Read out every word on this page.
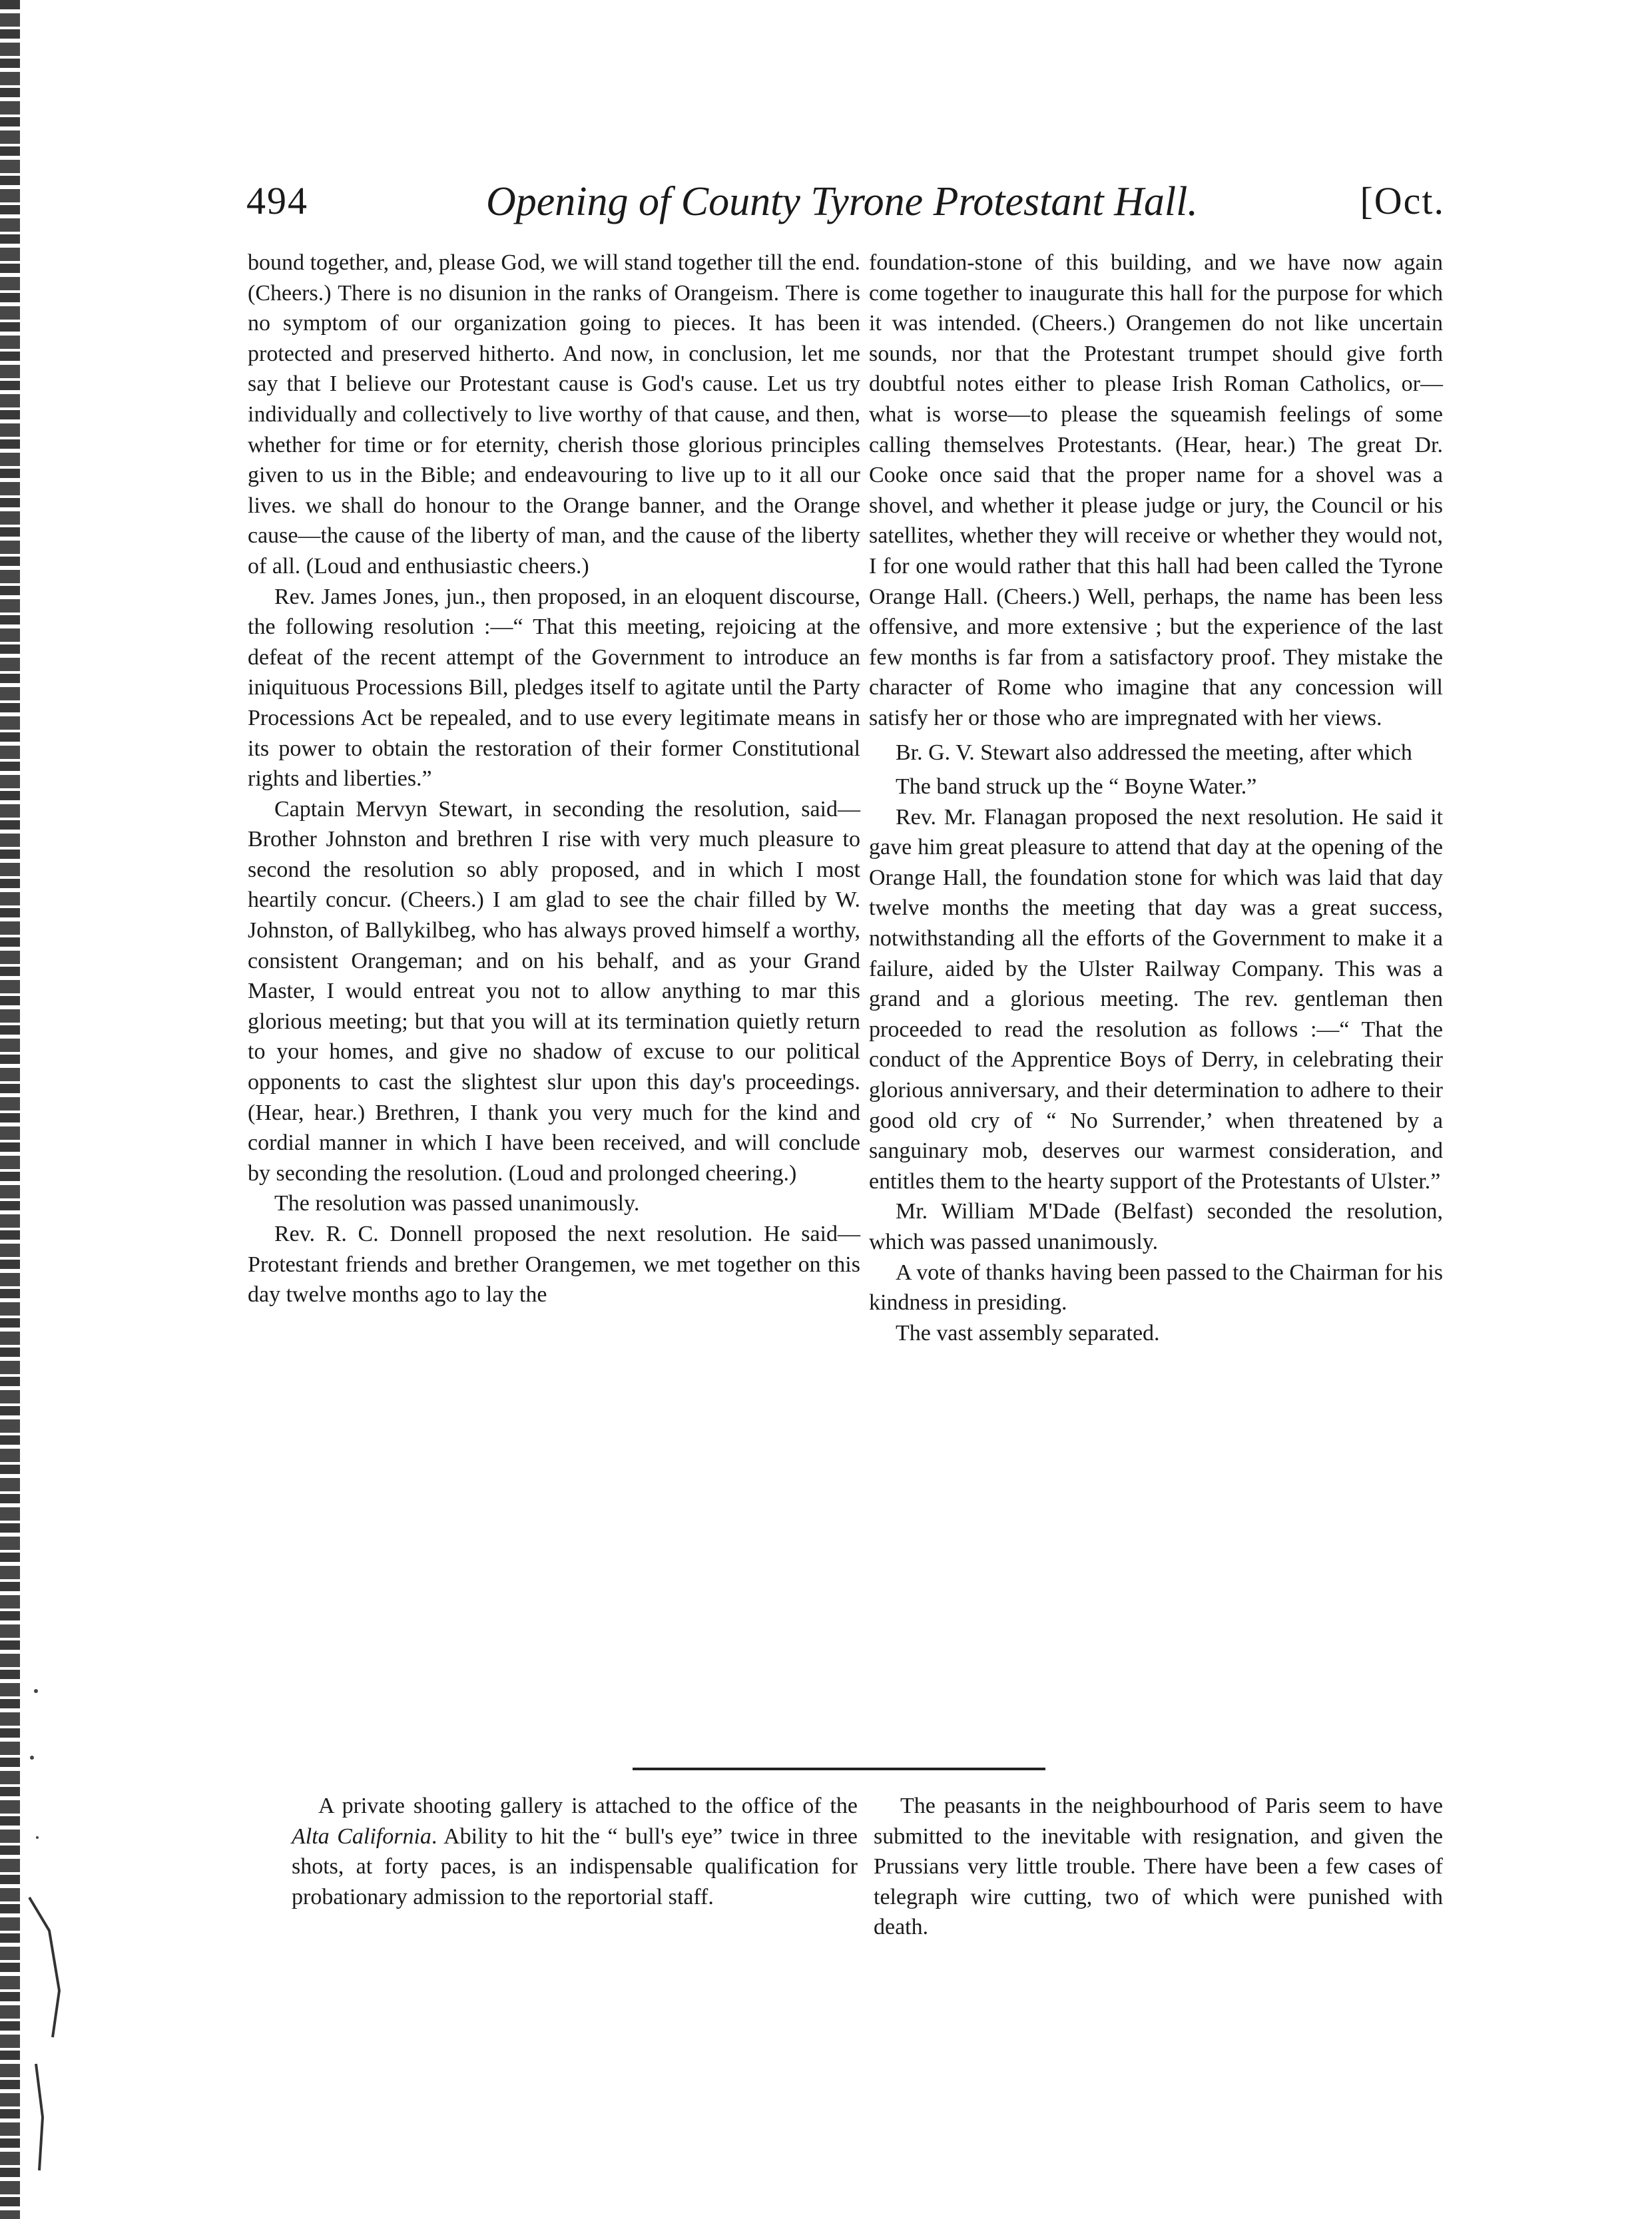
494	Opening of County Tyrone Protestant Hall.	[Oct.

bound together, and, please God, we will stand together till the end. (Cheers.) There is no disunion in the ranks of Orangeism. There is no symptom of our organization going to pieces. It has been protected and preserved hitherto. And now, in conclusion, let me say that I believe our Protestant cause is God's cause. Let us try individually and collectively to live worthy of that cause, and then, whether for time or for eternity, cherish those glorious principles given to us in the Bible; and endeavouring to live up to it all our lives. we shall do honour to the Orange banner, and the Orange cause—the cause of the liberty of man, and the cause of the liberty of all. (Loud and enthusiastic cheers.)

Rev. James Jones, jun., then proposed, in an eloquent discourse, the following resolution :—“ That this meeting, rejoicing at the defeat of the recent attempt of the Government to introduce an iniquituous Processions Bill, pledges itself to agitate until the Party Processions Act be repealed, and to use every legitimate means in its power to obtain the restoration of their former Constitutional rights and liberties.”

Captain Mervyn Stewart, in seconding the resolution, said—Brother Johnston and brethren I rise with very much pleasure to second the resolution so ably proposed, and in which I most heartily concur. (Cheers.) I am glad to see the chair filled by W. Johnston, of Ballykilbeg, who has always proved himself a worthy, consistent Orangeman; and on his behalf, and as your Grand Master, I would entreat you not to allow anything to mar this glorious meeting; but that you will at its termination quietly return to your homes, and give no shadow of excuse to our political opponents to cast the slightest slur upon this day's proceedings. (Hear, hear.) Brethren, I thank you very much for the kind and cordial manner in which I have been received, and will conclude by seconding the resolution. (Loud and prolonged cheering.)

The resolution was passed unanimously.

Rev. R. C. Donnell proposed the next resolution. He said—Protestant friends and brether Orangemen, we met together on this day twelve months ago to lay the

foundation-stone of this building, and we have now again come together to inaugurate this hall for the purpose for which it was intended. (Cheers.) Orangemen do not like uncertain sounds, nor that the Protestant trumpet should give forth doubtful notes either to please Irish Roman Catholics, or—what is worse—to please the squeamish feelings of some calling themselves Protestants. (Hear, hear.) The great Dr. Cooke once said that the proper name for a shovel was a shovel, and whether it please judge or jury, the Council or his satellites, whether they will receive or whether they would not, I for one would rather that this hall had been called the Tyrone Orange Hall. (Cheers.) Well, perhaps, the name has been less offensive, and more extensive ; but the experience of the last few months is far from a satisfactory proof. They mistake the character of Rome who imagine that any concession will satisfy her or those who are impregnated with her views.

Br. G. V. Stewart also addressed the meeting, after which

The band struck up the “ Boyne Water.”

Rev. Mr. Flanagan proposed the next resolution. He said it gave him great pleasure to attend that day at the opening of the Orange Hall, the foundation stone for which was laid that day twelve months the meeting that day was a great success, notwithstanding all the efforts of the Government to make it a failure, aided by the Ulster Railway Company. This was a grand and a glorious meeting. The rev. gentleman then proceeded to read the resolution as follows :—“ That the conduct of the Apprentice Boys of Derry, in celebrating their glorious anniversary, and their determination to adhere to their good old cry of “ No Surrender,’ when threatened by a sanguinary mob, deserves our warmest consideration, and entitles them to the hearty support of the Protestants of Ulster.”

Mr. William M'Dade (Belfast) seconded the resolution, which was passed unanimously.

A vote of thanks having been passed to the Chairman for his kindness in presiding.

The vast assembly separated.

A private shooting gallery is attached to the office of the Alta California. Ability to hit the “ bull's eye” twice in three shots, at forty paces, is an indispensable qualification for probationary admission to the reportorial staff.

The peasants in the neighbourhood of Paris seem to have submitted to the inevitable with resignation, and given the Prussians very little trouble. There have been a few cases of telegraph wire cutting, two of which were punished with death.
